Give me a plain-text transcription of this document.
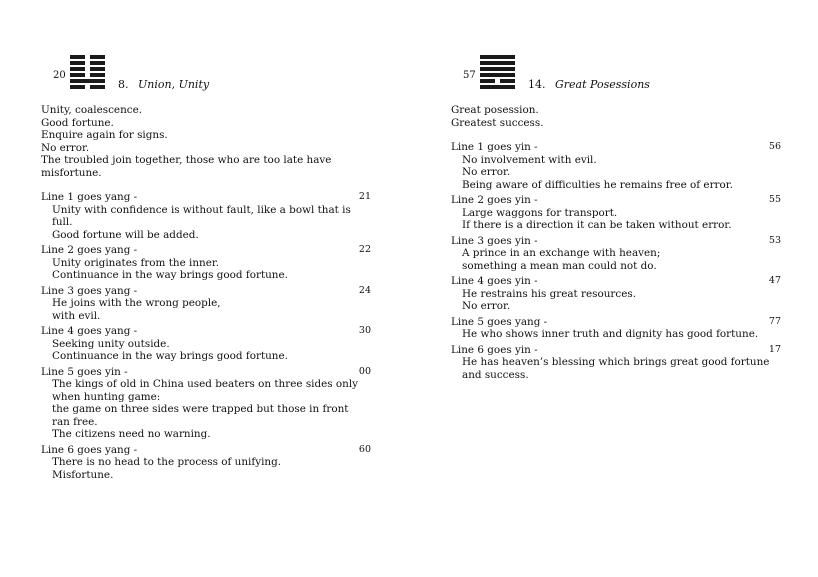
20
8. Union, Unity
Unity, coalescence.
Good fortune.
Enquire again for signs.
No error.
The troubled join together, those who are too late have
misfortune.
Line 1 goes yang -	21
Unity with confidence is without fault, like a bowl that is
full.
Good fortune will be added.
Line 2 goes yang -	22
Unity originates from the inner.
Continuance in the way brings good fortune.
Line 3 goes yang -	24
He joins with the wrong people,
with evil.
Line 4 goes yang -	30
Seeking unity outside.
Continuance in the way brings good fortune.
Line 5 goes yin -	00
The kings of old in China used beaters on three sides only
when hunting game:
the game on three sides were trapped but those in front
ran free.
The citizens need no warning.
Line 6 goes yang -	60
There is no head to the process of unifying.
Misfortune.
57
14. Great Posessions
Great posession.
Greatest success.
Line 1 goes yin -	56
No involvement with evil.
No error.
Being aware of difficulties he remains free of error.
Line 2 goes yin -	55
Large waggons for transport.
If there is a direction it can be taken without error.
Line 3 goes yin -	53
A prince in an exchange with heaven;
something a mean man could not do.
Line 4 goes yin -	47
He restrains his great resources.
No error.
Line 5 goes yang -	77
He who shows inner truth and dignity has good fortune.
Line 6 goes yin -	17
He has heaven’s blessing which brings great good fortune
and success.
